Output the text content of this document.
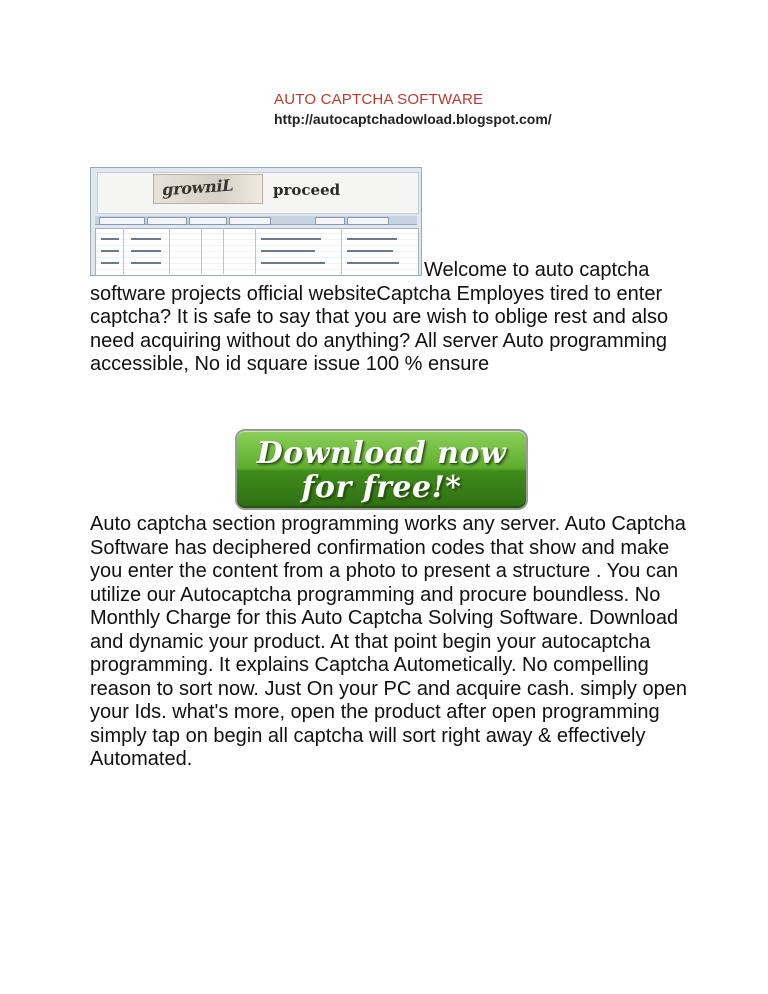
AUTO CAPTCHA SOFTWARE
http://autocaptchadowload.blogspot.com/
growniL	proceed

Welcome to auto captcha software projects official websiteCaptcha Employes tired to enter captcha? It is safe to say that you are wish to oblige rest and also need acquiring without do anything? All server Auto programming accessible, No id square issue 100 % ensure

Download now
for free!*

Auto captcha section programming works any server. Auto Captcha Software has deciphered confirmation codes that show and make you enter the content from a photo to present a structure . You can utilize our Autocaptcha programming and procure boundless. No Monthly Charge for this Auto Captcha Solving Software. Download and dynamic your product. At that point begin your autocaptcha programming. It explains Captcha Autometically. No compelling reason to sort now. Just On your PC and acquire cash. simply open your Ids. what's more, open the product after open programming simply tap on begin all captcha will sort right away & effectively Automated.
